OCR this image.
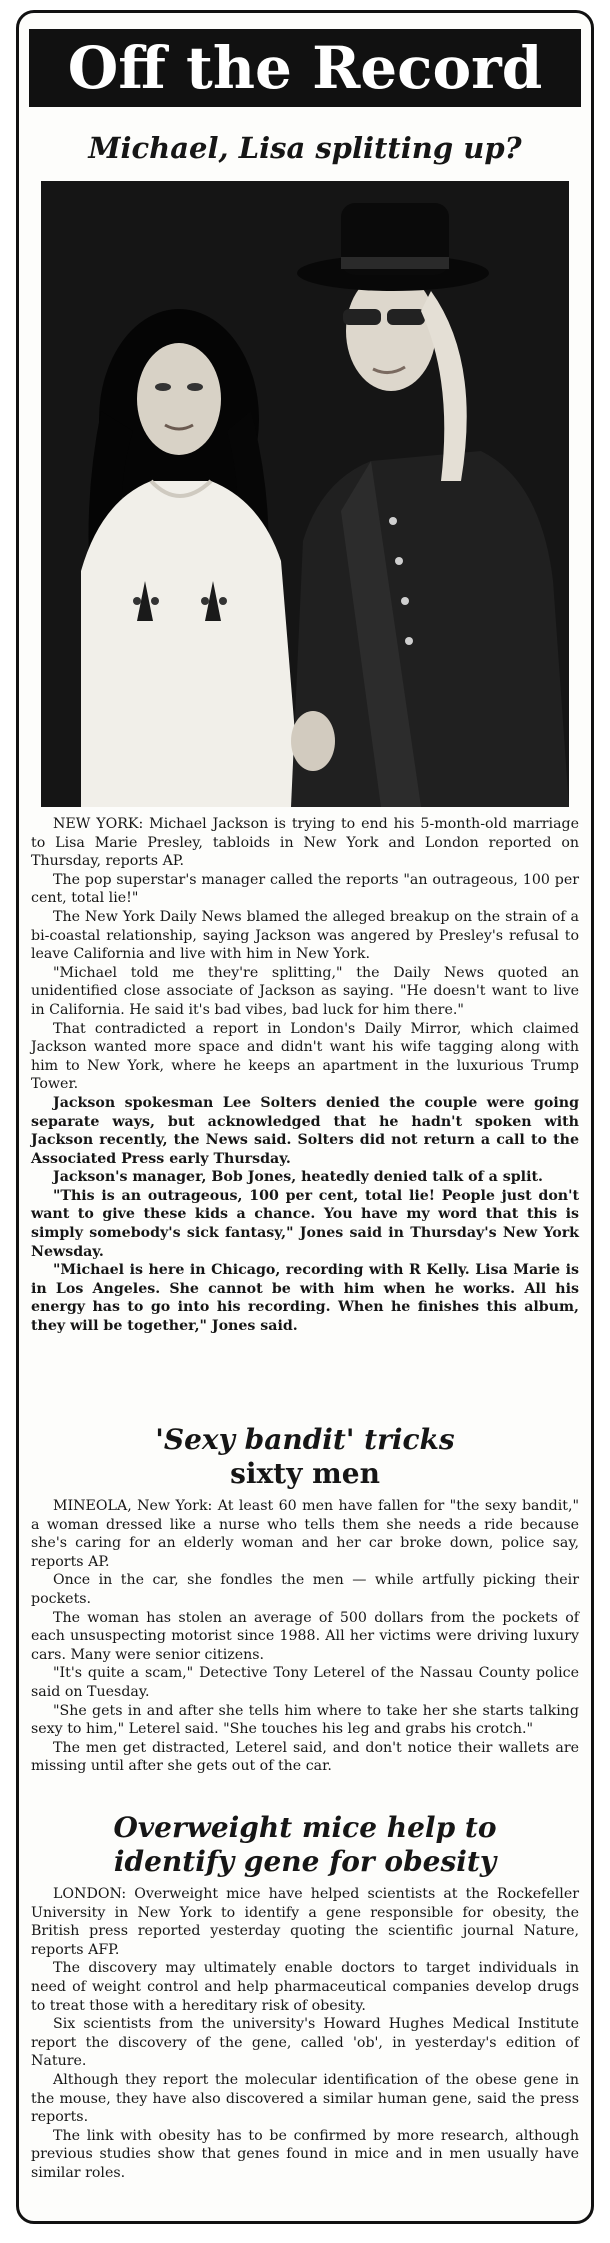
Off the Record
Michael, Lisa splitting up?

NEW YORK: Michael Jackson is trying to end his 5-month-old marriage to Lisa Marie Presley, tabloids in New York and London reported on Thursday, reports AP.

The pop superstar's manager called the reports "an outrageous, 100 per cent, total lie!"

The New York Daily News blamed the alleged breakup on the strain of a bi-coastal relationship, saying Jackson was angered by Presley's refusal to leave California and live with him in New York.

"Michael told me they're splitting," the Daily News quoted an unidentified close associate of Jackson as saying. "He doesn't want to live in California. He said it's bad vibes, bad luck for him there."

That contradicted a report in London's Daily Mirror, which claimed Jackson wanted more space and didn't want his wife tagging along with him to New York, where he keeps an apartment in the luxurious Trump Tower.

Jackson spokesman Lee Solters denied the couple were going separate ways, but acknowledged that he hadn't spoken with Jackson recently, the News said. Solters did not return a call to the Associated Press early Thursday.

Jackson's manager, Bob Jones, heatedly denied talk of a split.

"This is an outrageous, 100 per cent, total lie! People just don't want to give these kids a chance. You have my word that this is simply somebody's sick fantasy," Jones said in Thursday's New York Newsday.

"Michael is here in Chicago, recording with R Kelly. Lisa Marie is in Los Angeles. She cannot be with him when he works. All his energy has to go into his recording. When he finishes this album, they will be together," Jones said.

'Sexy bandit' tricks
sixty men

MINEOLA, New York: At least 60 men have fallen for "the sexy bandit," a woman dressed like a nurse who tells them she needs a ride because she's caring for an elderly woman and her car broke down, police say, reports AP.

Once in the car, she fondles the men — while artfully picking their pockets.

The woman has stolen an average of 500 dollars from the pockets of each unsuspecting motorist since 1988. All her victims were driving luxury cars. Many were senior citizens.

"It's quite a scam," Detective Tony Leterel of the Nassau County police said on Tuesday.

"She gets in and after she tells him where to take her she starts talking sexy to him," Leterel said. "She touches his leg and grabs his crotch."

The men get distracted, Leterel said, and don't notice their wallets are missing until after she gets out of the car.

Overweight mice help to
identify gene for obesity

LONDON: Overweight mice have helped scientists at the Rockefeller University in New York to identify a gene responsible for obesity, the British press reported yesterday quoting the scientific journal Nature, reports AFP.

The discovery may ultimately enable doctors to target individuals in need of weight control and help pharmaceutical companies develop drugs to treat those with a hereditary risk of obesity.

Six scientists from the university's Howard Hughes Medical Institute report the discovery of the gene, called 'ob', in yesterday's edition of Nature.

Although they report the molecular identification of the obese gene in the mouse, they have also discovered a similar human gene, said the press reports.

The link with obesity has to be confirmed by more research, although previous studies show that genes found in mice and in men usually have similar roles.
